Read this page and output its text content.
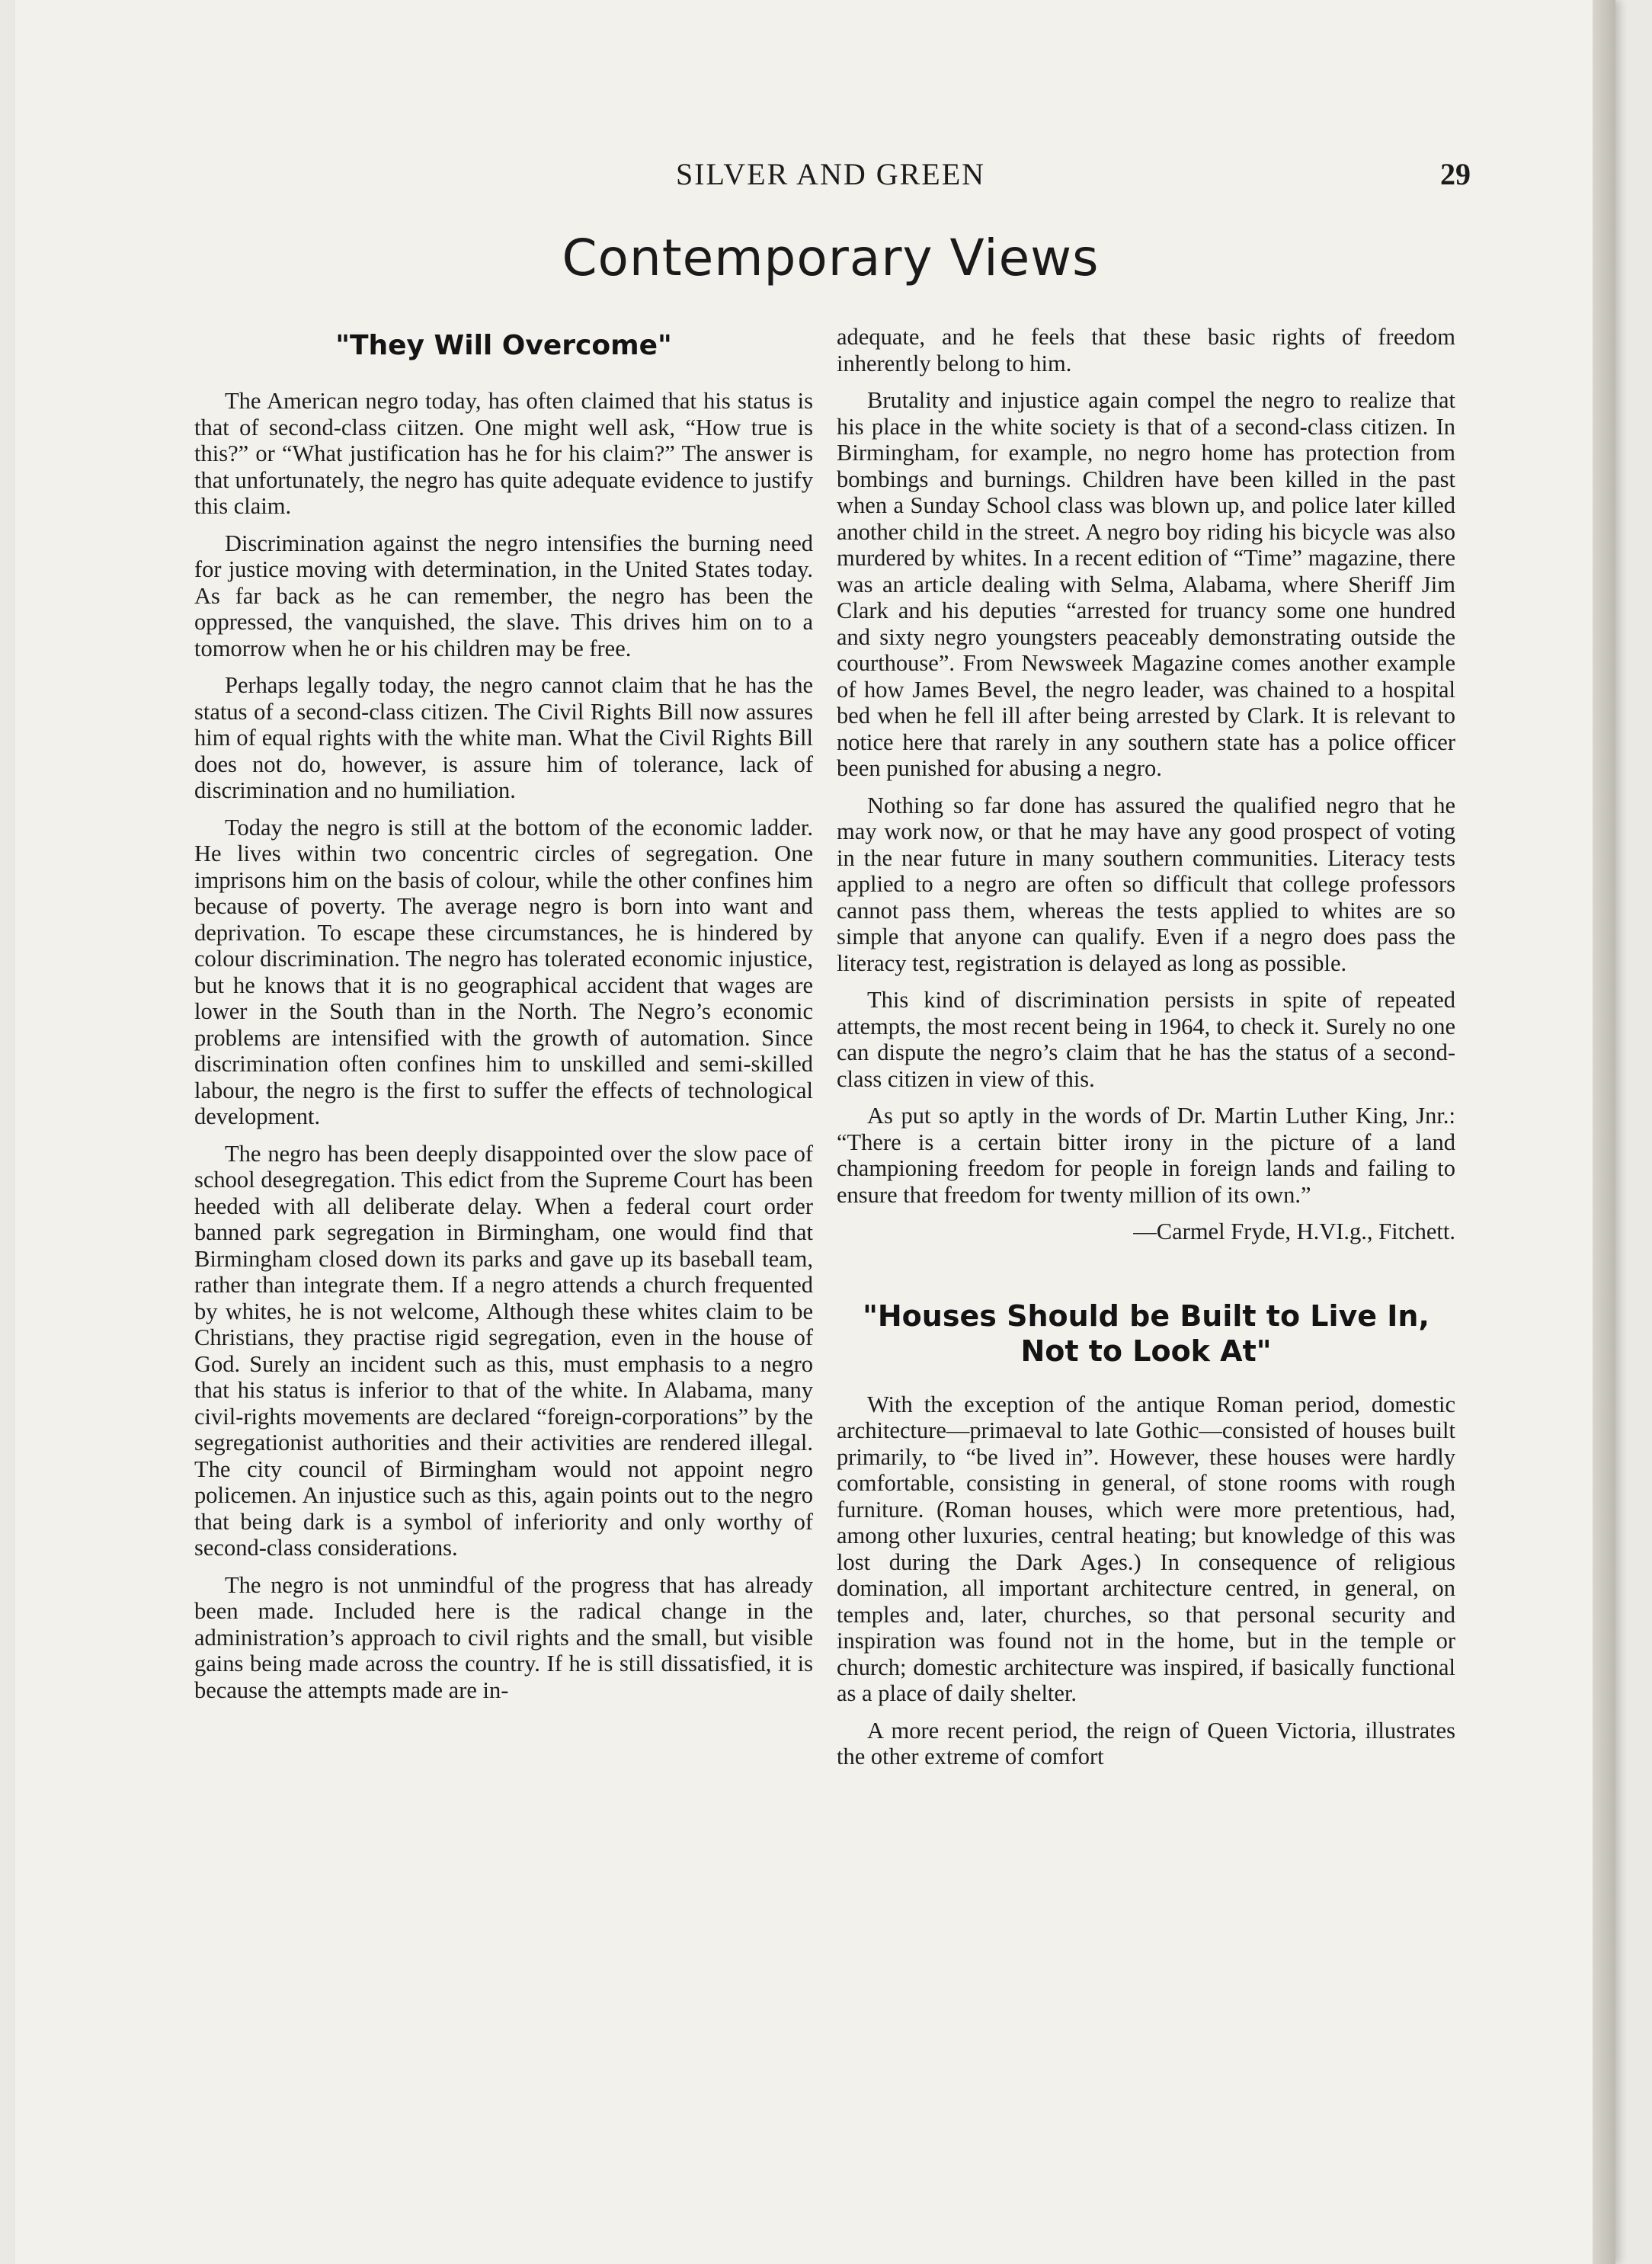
SILVER AND GREEN	29
Contemporary Views
"They Will Overcome"

The American negro today, has often claimed that his status is that of second-class ciitzen. One might well ask, “How true is this?” or “What justification has he for his claim?” The answer is that unfortunately, the negro has quite adequate evidence to justify this claim.

Discrimination against the negro intensifies the burning need for justice moving with determination, in the United States today. As far back as he can remember, the negro has been the oppressed, the vanquished, the slave. This drives him on to a tomorrow when he or his children may be free.

Perhaps legally today, the negro cannot claim that he has the status of a second-class citizen. The Civil Rights Bill now assures him of equal rights with the white man. What the Civil Rights Bill does not do, however, is assure him of tolerance, lack of discrimination and no humiliation.

Today the negro is still at the bottom of the economic ladder. He lives within two concentric circles of segregation. One imprisons him on the basis of colour, while the other confines him because of poverty. The average negro is born into want and deprivation. To escape these circumstances, he is hindered by colour discrimination. The negro has tolerated economic injustice, but he knows that it is no geographical accident that wages are lower in the South than in the North. The Negro’s economic problems are intensified with the growth of automation. Since discrimination often confines him to unskilled and semi-skilled labour, the negro is the first to suffer the effects of technological development.

The negro has been deeply disappointed over the slow pace of school desegregation. This edict from the Supreme Court has been heeded with all deliberate delay. When a federal court order banned park segregation in Birmingham, one would find that Birmingham closed down its parks and gave up its baseball team, rather than integrate them. If a negro attends a church frequented by whites, he is not welcome, Although these whites claim to be Christians, they practise rigid segregation, even in the house of God. Surely an incident such as this, must emphasis to a negro that his status is inferior to that of the white. In Alabama, many civil-rights movements are declared “foreign-corporations” by the segregationist authorities and their activities are rendered illegal. The city council of Birmingham would not appoint negro policemen. An injustice such as this, again points out to the negro that being dark is a symbol of inferiority and only worthy of second-class considerations.

The negro is not unmindful of the progress that has already been made. Included here is the radical change in the administration’s approach to civil rights and the small, but visible gains being made across the country. If he is still dissatisfied, it is because the attempts made are in-

adequate, and he feels that these basic rights of freedom inherently belong to him.

Brutality and injustice again compel the negro to realize that his place in the white society is that of a second-class citizen. In Birmingham, for example, no negro home has protection from bombings and burnings. Children have been killed in the past when a Sunday School class was blown up, and police later killed another child in the street. A negro boy riding his bicycle was also murdered by whites. In a recent edition of “Time” magazine, there was an article dealing with Selma, Alabama, where Sheriff Jim Clark and his deputies “arrested for truancy some one hundred and sixty negro youngsters peaceably demonstrating outside the courthouse”. From Newsweek Magazine comes another example of how James Bevel, the negro leader, was chained to a hospital bed when he fell ill after being arrested by Clark. It is relevant to notice here that rarely in any southern state has a police officer been punished for abusing a negro.

Nothing so far done has assured the qualified negro that he may work now, or that he may have any good prospect of voting in the near future in many southern communities. Literacy tests applied to a negro are often so difficult that college professors cannot pass them, whereas the tests applied to whites are so simple that anyone can qualify. Even if a negro does pass the literacy test, registration is delayed as long as possible.

This kind of discrimination persists in spite of repeated attempts, the most recent being in 1964, to check it. Surely no one can dispute the negro’s claim that he has the status of a second-class citizen in view of this.

As put so aptly in the words of Dr. Martin Luther King, Jnr.: “There is a certain bitter irony in the picture of a land championing freedom for people in foreign lands and failing to ensure that freedom for twenty million of its own.”

—Carmel Fryde, H.VI.g., Fitchett.
"Houses Should be Built to Live In,
Not to Look At"

With the exception of the antique Roman period, domestic architecture—primaeval to late Gothic—consisted of houses built primarily, to “be lived in”. However, these houses were hardly comfortable, consisting in general, of stone rooms with rough furniture. (Roman houses, which were more pretentious, had, among other luxuries, central heating; but knowledge of this was lost during the Dark Ages.) In consequence of religious domination, all important architecture centred, in general, on temples and, later, churches, so that personal security and inspiration was found not in the home, but in the temple or church; domestic architecture was inspired, if basically functional as a place of daily shelter.

A more recent period, the reign of Queen Victoria, illustrates the other extreme of comfort
